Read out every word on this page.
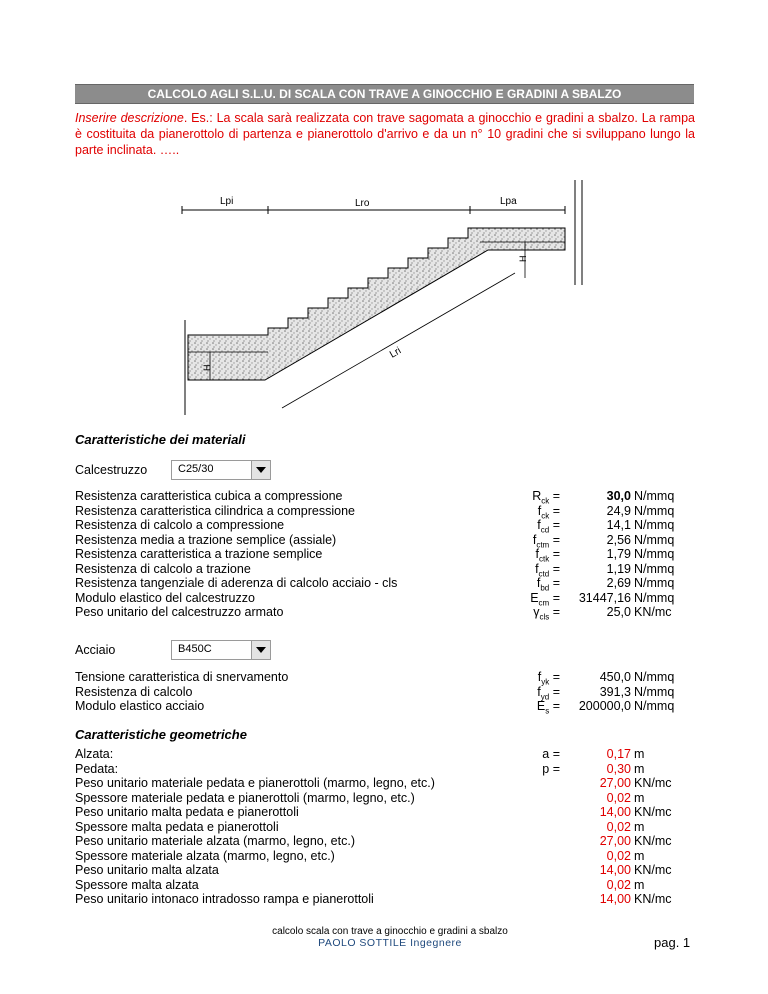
CALCOLO AGLI S.L.U. DI SCALA CON TRAVE A GINOCCHIO E GRADINI A SBALZO
Inserire descrizione. Es.: La scala sarà realizzata con trave sagomata a ginocchio e gradini a sbalzo. La rampa è costituita da pianerottolo di partenza e pianerottolo d'arrivo e da un n° 10 gradini che si sviluppano lungo la parte inclinata. …..
Lpi	Lro	Lpa
H
H
Lri
Caratteristiche dei materiali
Calcestruzzo	C25/30
Resistenza caratteristica cubica a compressione	$R_{ck}$ =	30,0 N/mmq
Resistenza caratteristica cilindrica a compressione	$f_{ck}$ =	24,9 N/mmq
Resistenza di calcolo a compressione	$f_{cd}$ =	14,1 N/mmq
Resistenza media a trazione semplice (assiale)	$f_{ctm}$ =	2,56 N/mmq
Resistenza caratteristica a trazione semplice	$f_{ctk}$ =	1,79 N/mmq
Resistenza di calcolo a trazione	$f_{ctd}$ =	1,19 N/mmq
Resistenza tangenziale di aderenza di calcolo acciaio - cls	$f_{bd}$ =	2,69 N/mmq
Modulo elastico del calcestruzzo	$E_{cm}$ =	31447,16 N/mmq
Peso unitario del calcestruzzo armato	$\gamma_{cls}$ =	25,0 KN/mc
Acciaio	B450C
Tensione caratteristica di snervamento	$f_{yk}$ =	450,0 N/mmq
Resistenza di calcolo	$f_{yd}$ =	391,3 N/mmq
Modulo elastico acciaio	$E_s$ =	200000,0 N/mmq
Caratteristiche geometriche
Alzata:	a =	0,17 m
Pedata:	p =	0,30 m
Peso unitario materiale pedata e pianerottoli (marmo, legno, etc.)	27,00 KN/mc
Spessore materiale pedata e pianerottoli (marmo, legno, etc.)	0,02 m
Peso unitario malta pedata e pianerottoli	14,00 KN/mc
Spessore malta pedata e pianerottoli	0,02 m
Peso unitario materiale alzata (marmo, legno, etc.)	27,00 KN/mc
Spessore materiale alzata (marmo, legno, etc.)	0,02 m
Peso unitario malta alzata	14,00 KN/mc
Spessore malta alzata	0,02 m
Peso unitario intonaco intradosso rampa e pianerottoli	14,00 KN/mc
calcolo scala con trave a ginocchio e gradini a sbalzo
PAOLO SOTTILE Ingegnere	pag. 1
